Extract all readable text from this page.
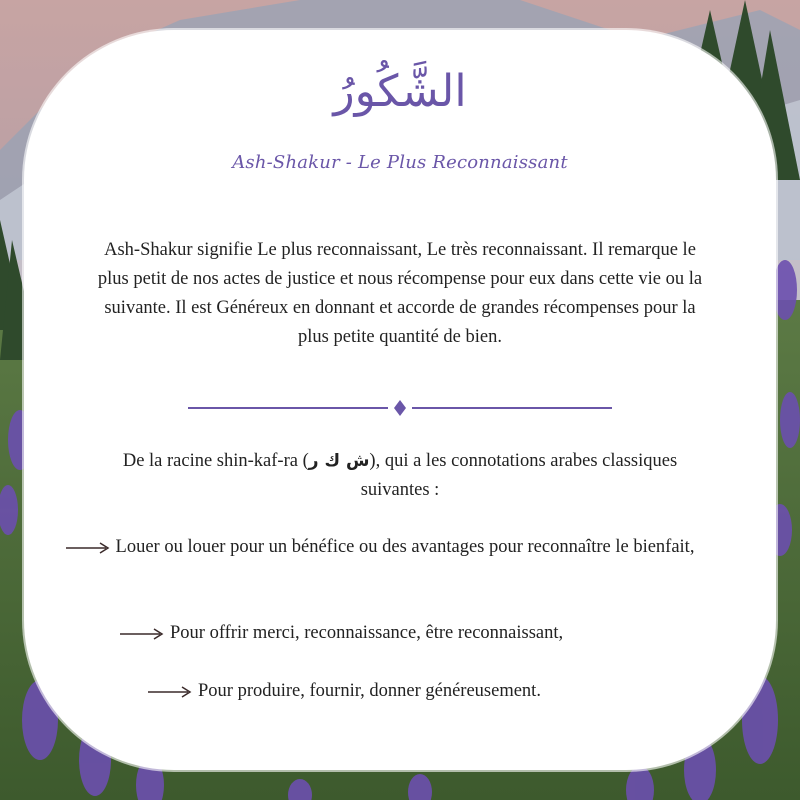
الشَّكُورُ
Ash-Shakur - Le Plus Reconnaissant
Ash-Shakur signifie Le plus reconnaissant, Le très reconnaissant. Il remarque le plus petit de nos actes de justice et nous récompense pour eux dans cette vie ou la suivante. Il est Généreux en donnant et accorde de grandes récompenses pour la plus petite quantité de bien.
De la racine shin-kaf-ra (ش ك ر), qui a les connotations arabes classiques suivantes :
Louer ou louer pour un bénéfice ou des avantages pour reconnaître le bienfait,
Pour offrir merci, reconnaissance, être reconnaissant,
Pour produire, fournir, donner généreusement.
